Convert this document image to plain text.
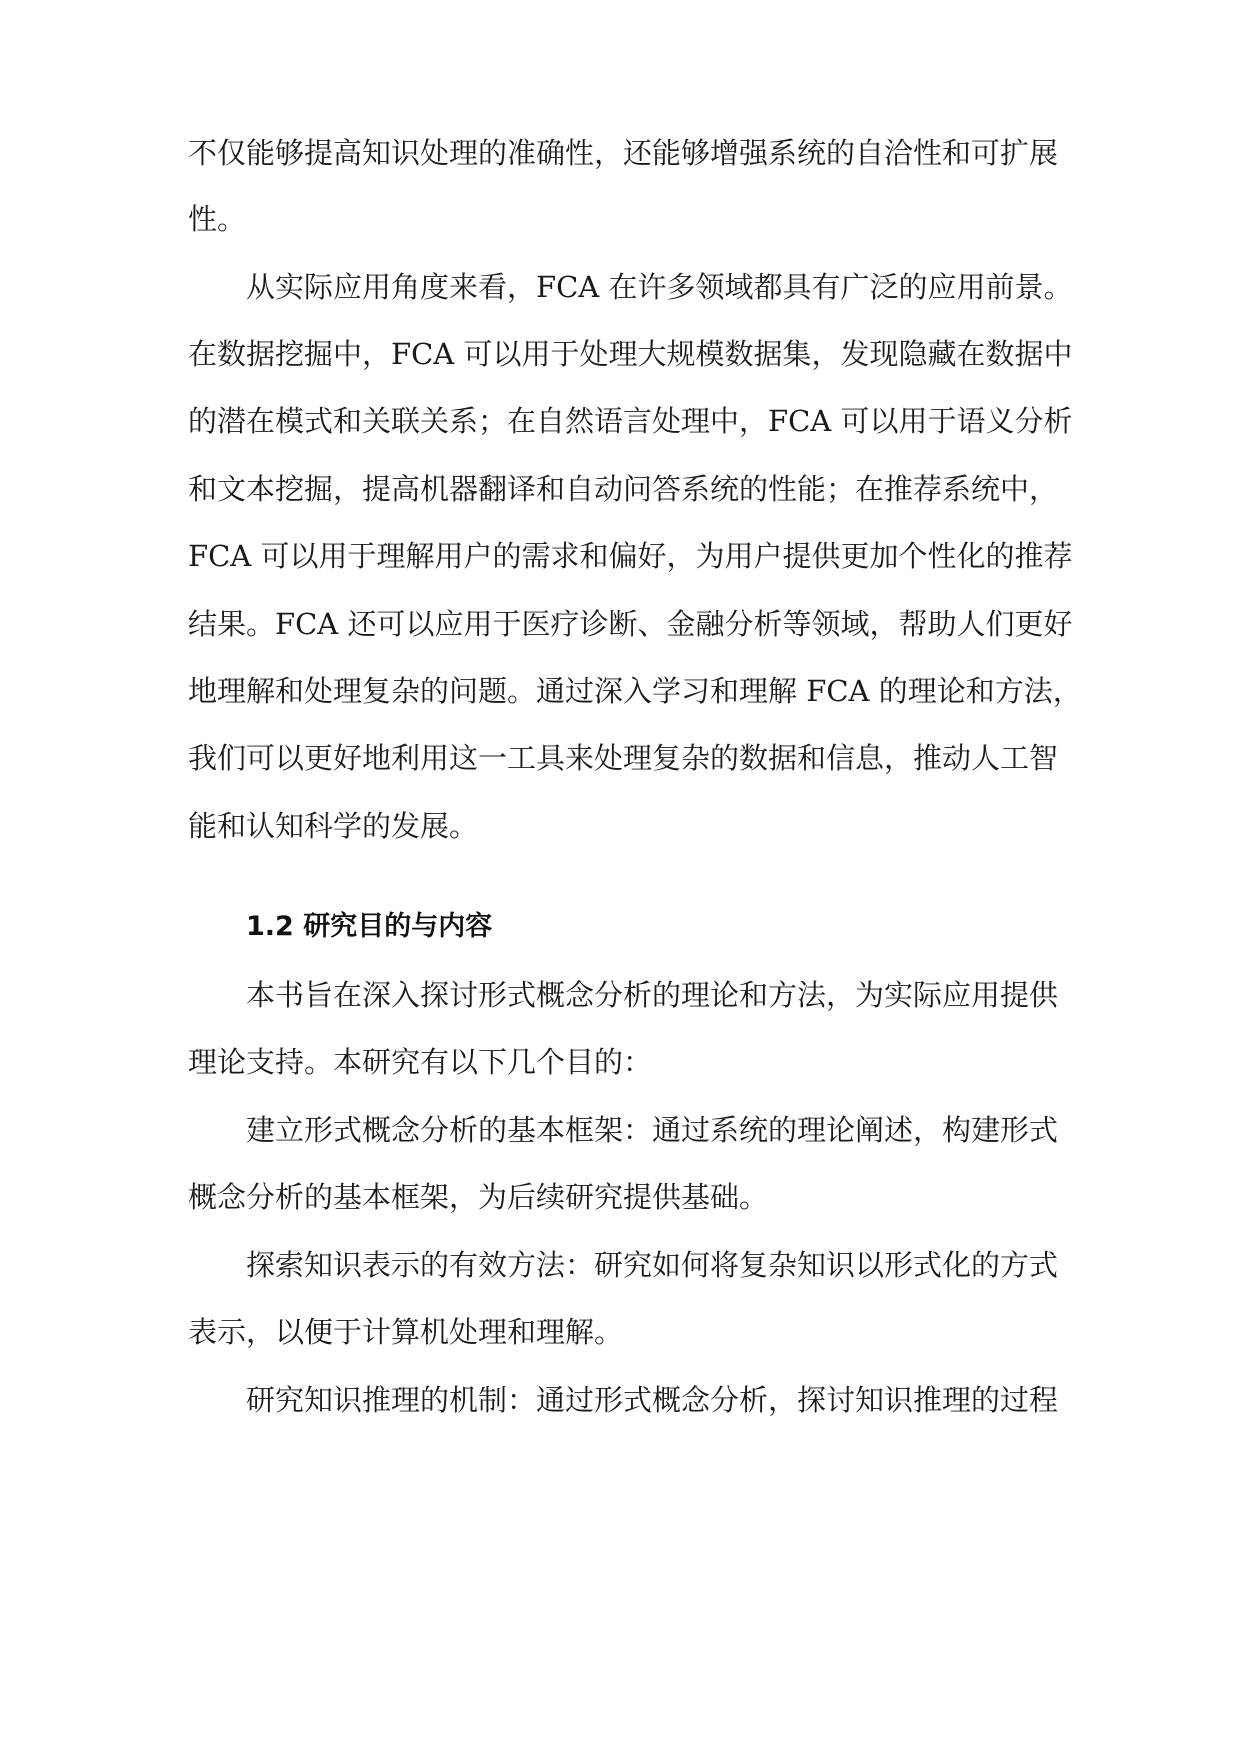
不仅能够提高知识处理的准确性，还能够增强系统的自洽性和可扩展

性。

从实际应用角度来看，FCA 在许多领域都具有广泛的应用前景。

在数据挖掘中，FCA 可以用于处理大规模数据集，发现隐藏在数据中

的潜在模式和关联关系；在自然语言处理中，FCA 可以用于语义分析

和文本挖掘，提高机器翻译和自动问答系统的性能；在推荐系统中，

FCA 可以用于理解用户的需求和偏好，为用户提供更加个性化的推荐

结果。FCA 还可以应用于医疗诊断、金融分析等领域，帮助人们更好

地理解和处理复杂的问题。通过深入学习和理解 FCA 的理论和方法，

我们可以更好地利用这一工具来处理复杂的数据和信息，推动人工智

能和认知科学的发展。

1.2 研究目的与内容

本书旨在深入探讨形式概念分析的理论和方法，为实际应用提供

理论支持。本研究有以下几个目的：

建立形式概念分析的基本框架：通过系统的理论阐述，构建形式

概念分析的基本框架，为后续研究提供基础。

探索知识表示的有效方法：研究如何将复杂知识以形式化的方式

表示，以便于计算机处理和理解。

研究知识推理的机制：通过形式概念分析，探讨知识推理的过程
